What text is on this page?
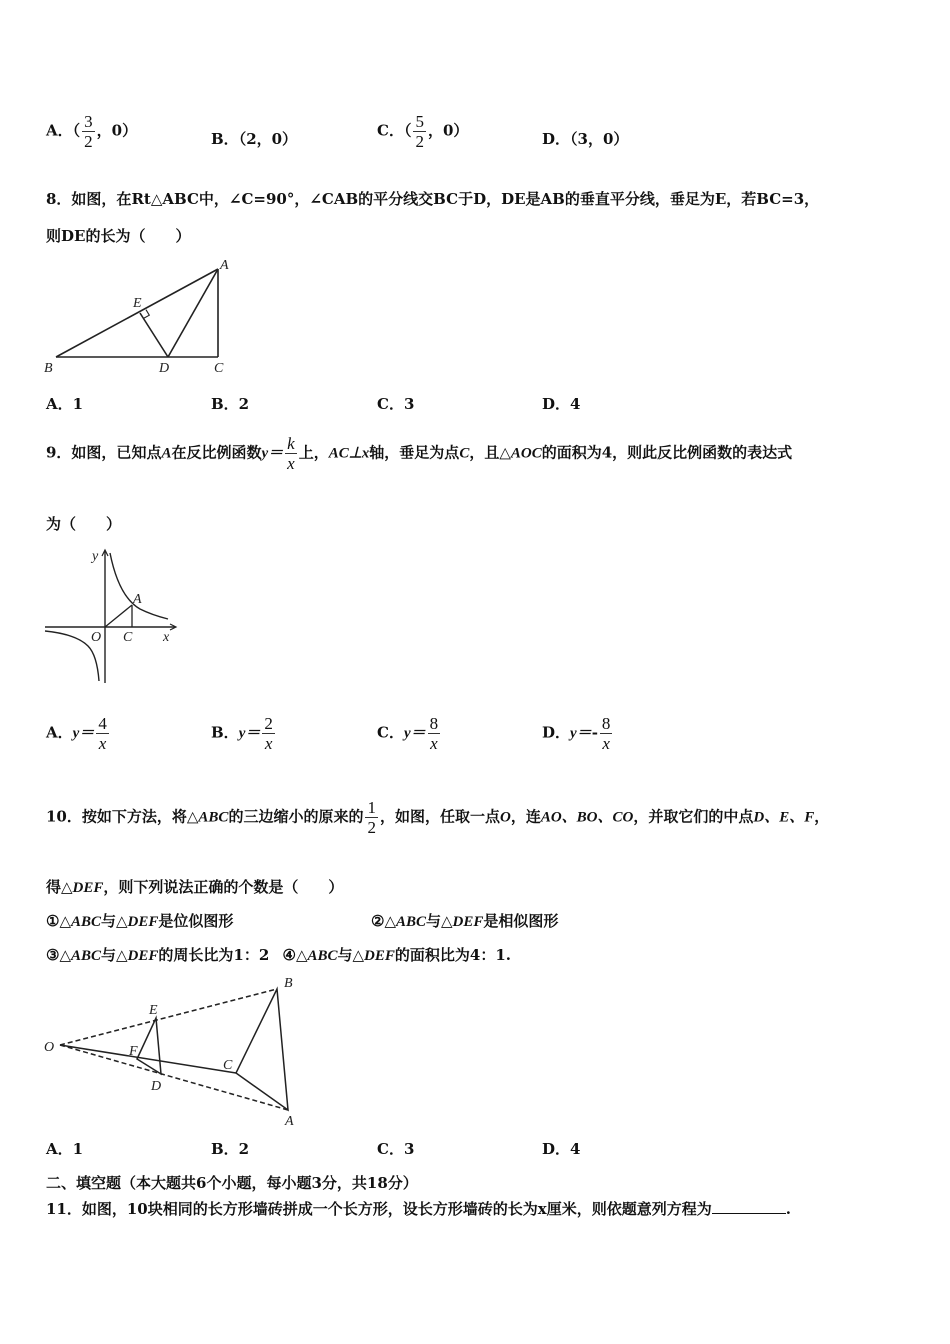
A．（ $\frac{3}{2}$ ，0）	B．（2，0）	C．（ $\frac{5}{2}$ ，0）	D．（3，0）
8．如图，在Rt△ABC中，∠C=90°，∠CAB的平分线交BC于D，DE是AB的垂直平分线，垂足为E，若BC=3，
则DE的长为（　　）
A
B	C
D
E
A．1	B．2	C．3	D．4
9．如图，已知点A在反比例函数$y= \frac{k}{x}$ 上，AC⊥x轴，垂足为点C，且△AOC的面积为4，则此反比例函数的表达式
为（　　）
y
x
O
A
C
A．$y= \frac{4}{x}$	B．$y= \frac{2}{x}$	C．$y= \frac{8}{x}$	D．$y=- \frac{8}{x}$
10．按如下方法，将△ABC的三边缩小的原来的 $\frac{1}{2}$ ，如图，任取一点O，连AO、BO、CO，并取它们的中点D、E、F，
得△DEF，则下列说法正确的个数是（　　）
①△ABC与△DEF是位似图形	②△ABC与△DEF是相似图形
③△ABC与△DEF的周长比为1：2 ④△ABC与△DEF的面积比为4：1.
O
E
F
D
C
B
A
A．1	B．2	C．3	D．4
二、填空题（本大题共6个小题，每小题3分，共18分）
11．如图，10块相同的长方形墙砖拼成一个长方形，设长方形墙砖的长为x厘米，则依题意列方程为	.
